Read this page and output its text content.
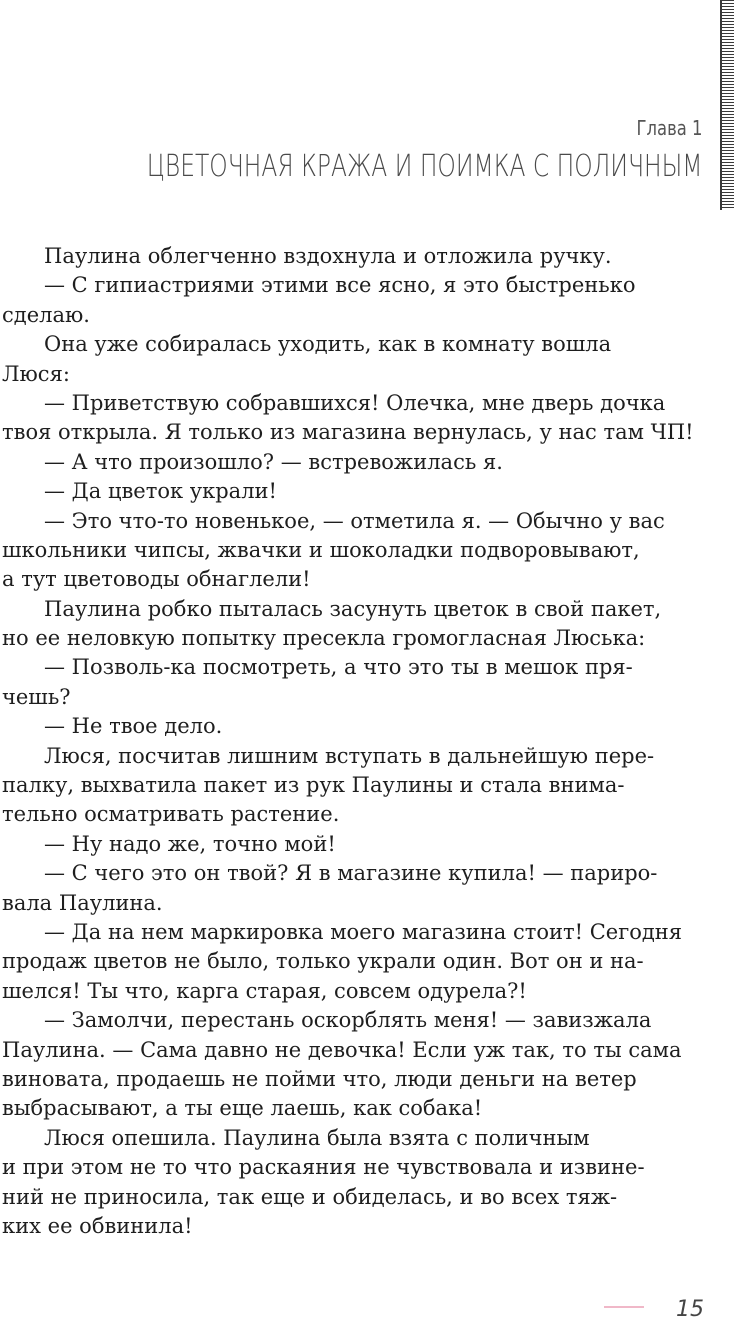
Глава 1
ЦВЕТОЧНАЯ КРАЖА И ПОИМКА С ПОЛИЧНЫМ
Паулина облегченно вздохнула и отложила ручку.
— С гипиастриями этими все ясно, я это быстренько
сделаю.
Она уже собиралась уходить, как в комнату вошла
Люся:
— Приветствую собравшихся! Олечка, мне дверь дочка
твоя открыла. Я только из магазина вернулась, у нас там ЧП!
— А что произошло? — встревожилась я.
— Да цветок украли!
— Это что-то новенькое, — отметила я. — Обычно у вас
школьники чипсы, жвачки и шоколадки подворовывают,
а тут цветоводы обнаглели!
Паулина робко пыталась засунуть цветок в свой пакет,
но ее неловкую попытку пресекла громогласная Люська:
— Позволь-ка посмотреть, а что это ты в мешок пря-
чешь?
— Не твое дело.
Люся, посчитав лишним вступать в дальнейшую пере-
палку, выхватила пакет из рук Паулины и стала внима-
тельно осматривать растение.
— Ну надо же, точно мой!
— С чего это он твой? Я в магазине купила! — париро-
вала Паулина.
— Да на нем маркировка моего магазина стоит! Сегодня
продаж цветов не было, только украли один. Вот он и на-
шелся! Ты что, карга старая, совсем одурела?!
— Замолчи, перестань оскорблять меня! — завизжала
Паулина. — Сама давно не девочка! Если уж так, то ты сама
виновата, продаешь не пойми что, люди деньги на ветер
выбрасывают, а ты еще лаешь, как собака!
Люся опешила. Паулина была взята с поличным
и при этом не то что раскаяния не чувствовала и извине-
ний не приносила, так еще и обиделась, и во всех тяж-
ких ее обвинила!
15
